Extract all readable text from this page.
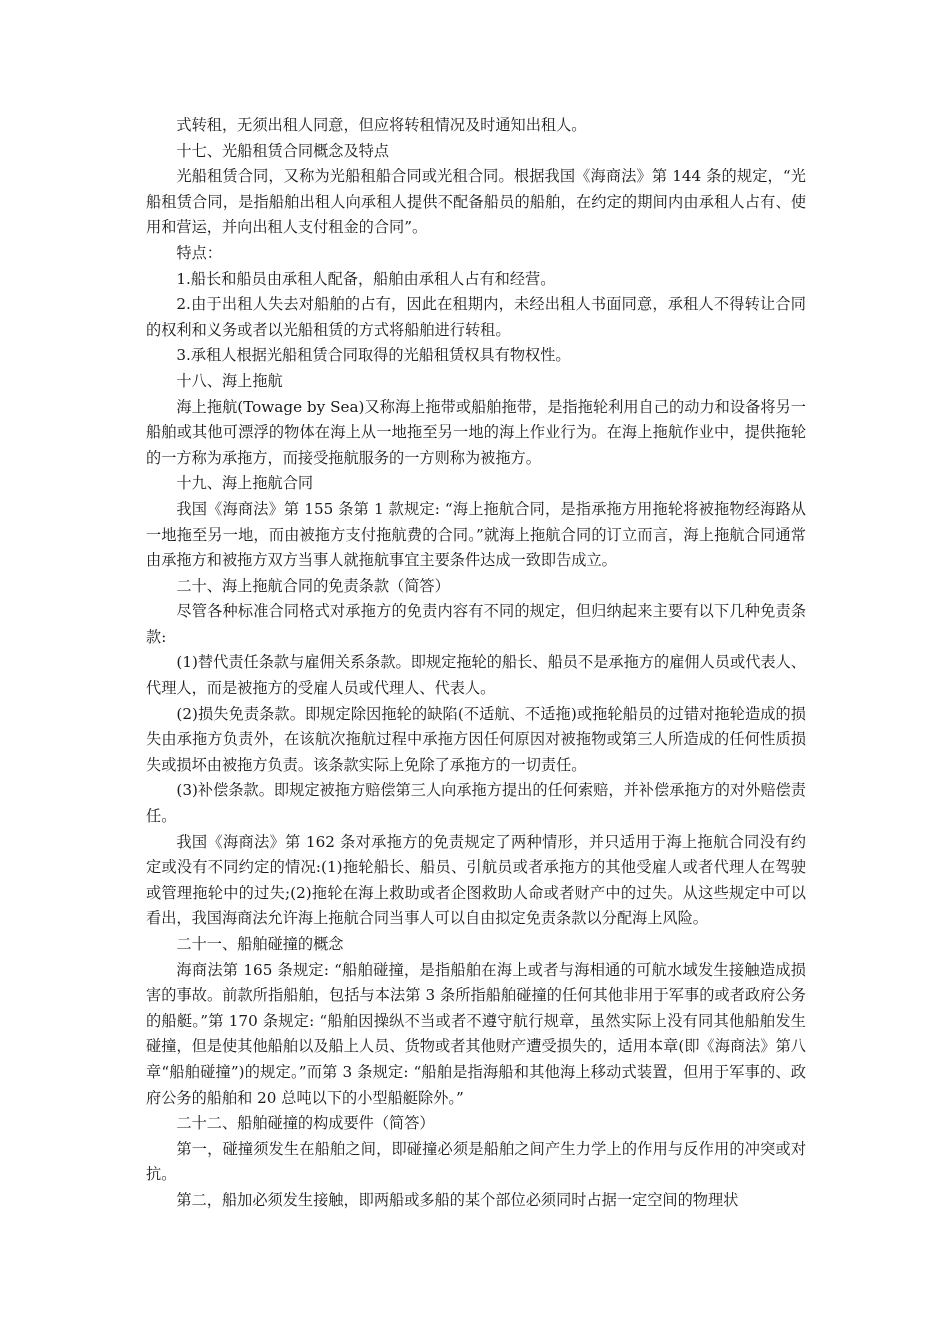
式转租，无须出租人同意，但应将转租情况及时通知出租人。

十七、光船租赁合同概念及特点

光船租赁合同，又称为光船租船合同或光租合同。根据我国《海商法》第 144 条的规定，“光船租赁合同，是指船舶出租人向承租人提供不配备船员的船舶，在约定的期间内由承租人占有、使用和营运，并向出租人支付租金的合同”。

特点：

1.船长和船员由承租人配备，船舶由承租人占有和经营。

2.由于出租人失去对船舶的占有，因此在租期内，未经出租人书面同意，承租人不得转让合同的权利和义务或者以光船租赁的方式将船舶进行转租。

3.承租人根据光船租赁合同取得的光船租赁权具有物权性。

十八、海上拖航

海上拖航(Towage by Sea)又称海上拖带或船舶拖带，是指拖轮利用自己的动力和设备将另一船舶或其他可漂浮的物体在海上从一地拖至另一地的海上作业行为。在海上拖航作业中，提供拖轮的一方称为承拖方，而接受拖航服务的一方则称为被拖方。

十九、海上拖航合同

我国《海商法》第 155 条第 1 款规定: “海上拖航合同，是指承拖方用拖轮将被拖物经海路从一地拖至另一地，而由被拖方支付拖航费的合同。”就海上拖航合同的订立而言，海上拖航合同通常由承拖方和被拖方双方当事人就拖航事宜主要条件达成一致即告成立。

二十、海上拖航合同的免责条款（简答）

尽管各种标准合同格式对承拖方的免责内容有不同的规定，但归纳起来主要有以下几种免责条款:

(1)替代责任条款与雇佣关系条款。即规定拖轮的船长、船员不是承拖方的雇佣人员或代表人、代理人，而是被拖方的受雇人员或代理人、代表人。

(2)损失免责条款。即规定除因拖轮的缺陷(不适航、不适拖)或拖轮船员的过错对拖轮造成的损失由承拖方负责外，在该航次拖航过程中承拖方因任何原因对被拖物或第三人所造成的任何性质损失或损坏由被拖方负责。该条款实际上免除了承拖方的一切责任。

(3)补偿条款。即规定被拖方赔偿第三人向承拖方提出的任何索赔，并补偿承拖方的对外赔偿责任。

我国《海商法》第 162 条对承拖方的免责规定了两种情形，并只适用于海上拖航合同没有约定或没有不同约定的情况:(1)拖轮船长、船员、引航员或者承拖方的其他受雇人或者代理人在驾驶或管理拖轮中的过失;(2)拖轮在海上救助或者企图救助人命或者财产中的过失。从这些规定中可以看出，我国海商法允许海上拖航合同当事人可以自由拟定免责条款以分配海上风险。

二十一、船舶碰撞的概念

海商法第 165 条规定: “船舶碰撞，是指船舶在海上或者与海相通的可航水域发生接触造成损害的事故。前款所指船舶，包括与本法第 3 条所指船舶碰撞的任何其他非用于军事的或者政府公务的船艇。”第 170 条规定: “船舶因操纵不当或者不遵守航行规章，虽然实际上没有同其他船舶发生碰撞，但是使其他船舶以及船上人员、货物或者其他财产遭受损失的，适用本章(即《海商法》第八章“船舶碰撞”)的规定。”而第 3 条规定: “船舶是指海船和其他海上移动式装置，但用于军事的、政府公务的船舶和 20 总吨以下的小型船艇除外。”

二十二、船舶碰撞的构成要件（简答）

第一，碰撞须发生在船舶之间，即碰撞必须是船舶之间产生力学上的作用与反作用的冲突或对抗。

第二，船加必须发生接触，即两船或多船的某个部位必须同时占据一定空间的物理状
